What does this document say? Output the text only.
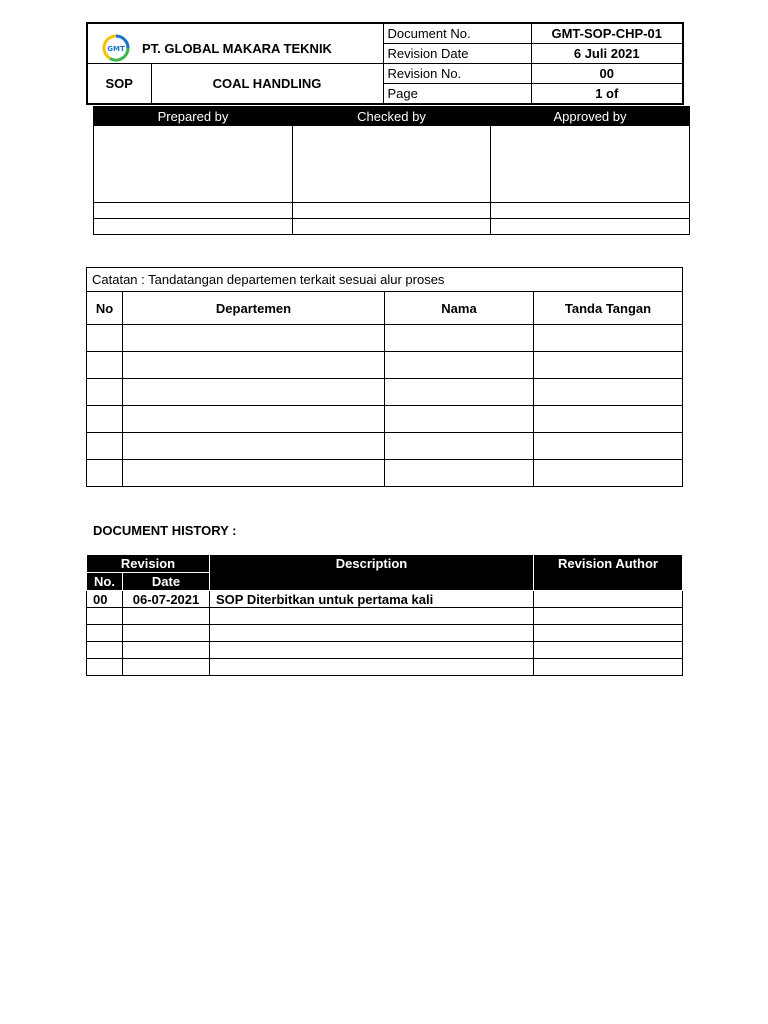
GMT PT. GLOBAL MAKARA TEKNIK		Document No.	GMT-SOP-CHP-01
		Revision Date	6 Juli 2021
SOP	COAL HANDLING	Revision No.	00
		Page	1 of
Prepared by	Checked by	Approved by

Catatan : Tandatangan departemen terkait sesuai alur proses			
No	Departemen	Nama	Tanda Tangan

DOCUMENT HISTORY :
Revision		Description	Revision Author
No.	Date		
00	06-07-2021	SOP Diterbitkan untuk pertama kali	
